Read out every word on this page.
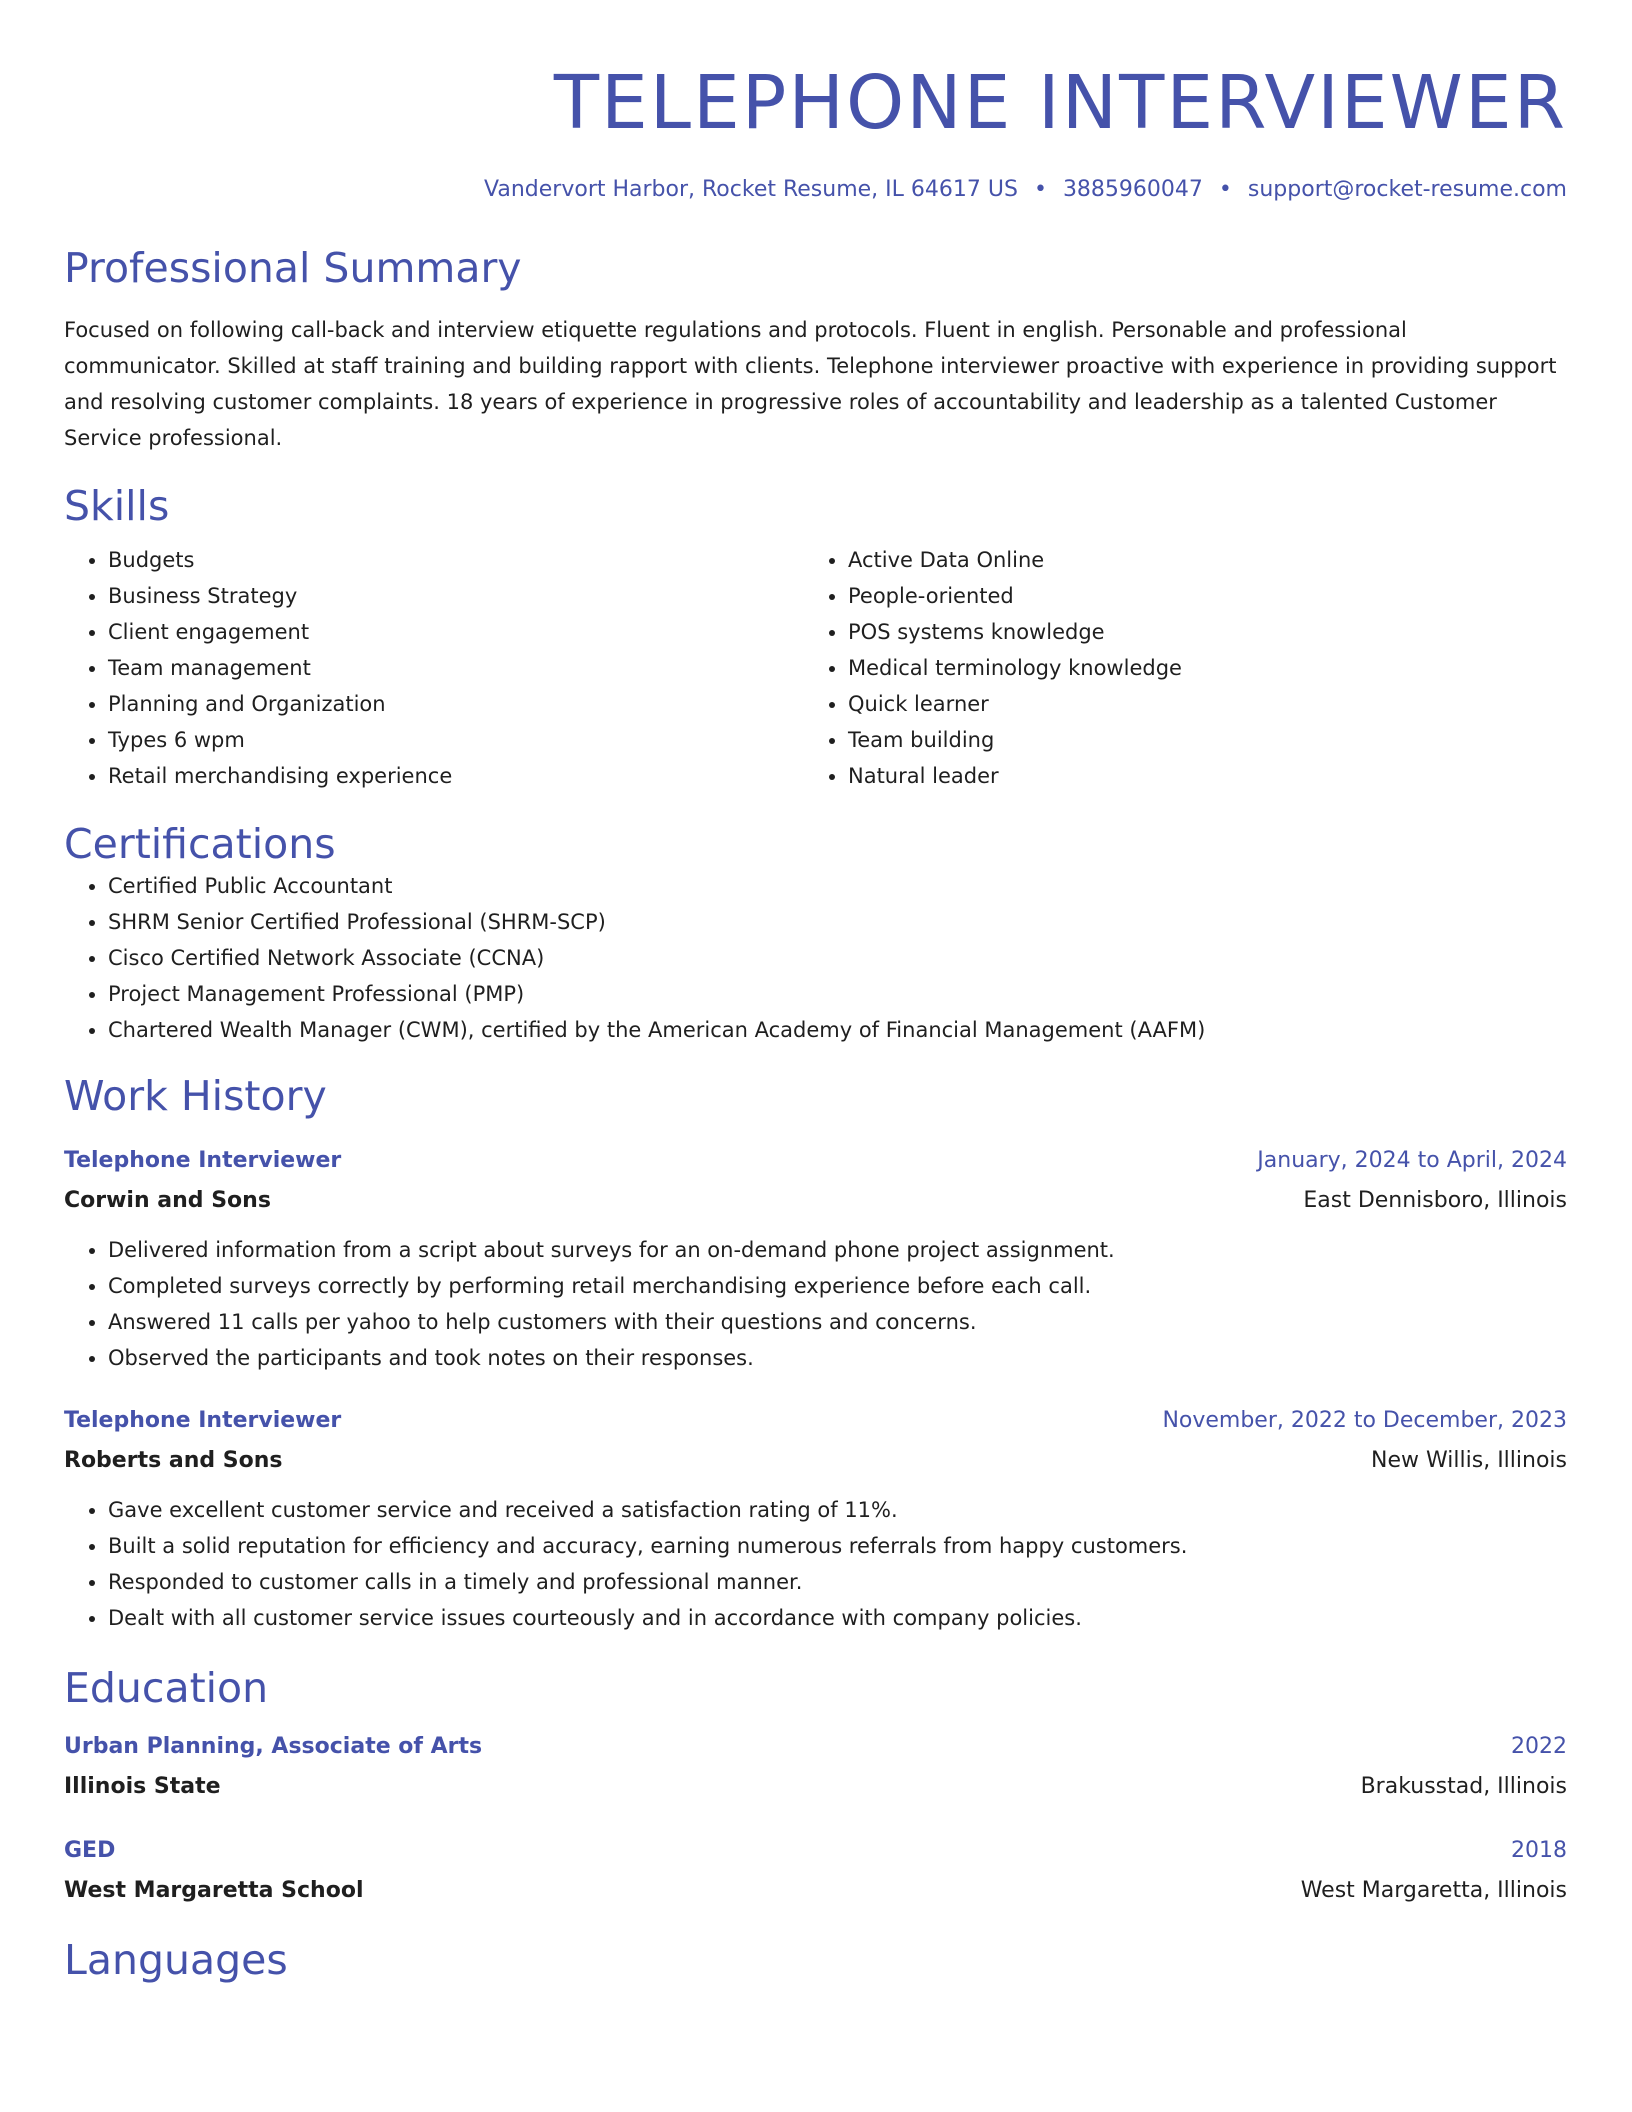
TELEPHONE INTERVIEWER
Vandervort Harbor, Rocket Resume, IL 64617 US • 3885960047 • support@rocket-resume.com
Professional Summary
Focused on following call-back and interview etiquette regulations and protocols. Fluent in english. Personable and professional communicator. Skilled at staff training and building rapport with clients. Telephone interviewer proactive with experience in providing support and resolving customer complaints. 18 years of experience in progressive roles of accountability and leadership as a talented Customer Service professional.
Skills
• Budgets
• Business Strategy
• Client engagement
• Team management
• Planning and Organization
• Types 6 wpm
• Retail merchandising experience
• Active Data Online
• People-oriented
• POS systems knowledge
• Medical terminology knowledge
• Quick learner
• Team building
• Natural leader
Certifications
• Certified Public Accountant
• SHRM Senior Certified Professional (SHRM-SCP)
• Cisco Certified Network Associate (CCNA)
• Project Management Professional (PMP)
• Chartered Wealth Manager (CWM), certified by the American Academy of Financial Management (AAFM)
Work History
Telephone Interviewer	January, 2024 to April, 2024
Corwin and Sons	East Dennisboro, Illinois
• Delivered information from a script about surveys for an on-demand phone project assignment.
• Completed surveys correctly by performing retail merchandising experience before each call.
• Answered 11 calls per yahoo to help customers with their questions and concerns.
• Observed the participants and took notes on their responses.
Telephone Interviewer	November, 2022 to December, 2023
Roberts and Sons	New Willis, Illinois
• Gave excellent customer service and received a satisfaction rating of 11%.
• Built a solid reputation for efficiency and accuracy, earning numerous referrals from happy customers.
• Responded to customer calls in a timely and professional manner.
• Dealt with all customer service issues courteously and in accordance with company policies.
Education
Urban Planning, Associate of Arts	2022
Illinois State	Brakusstad, Illinois
GED	2018
West Margaretta School	West Margaretta, Illinois
Languages
